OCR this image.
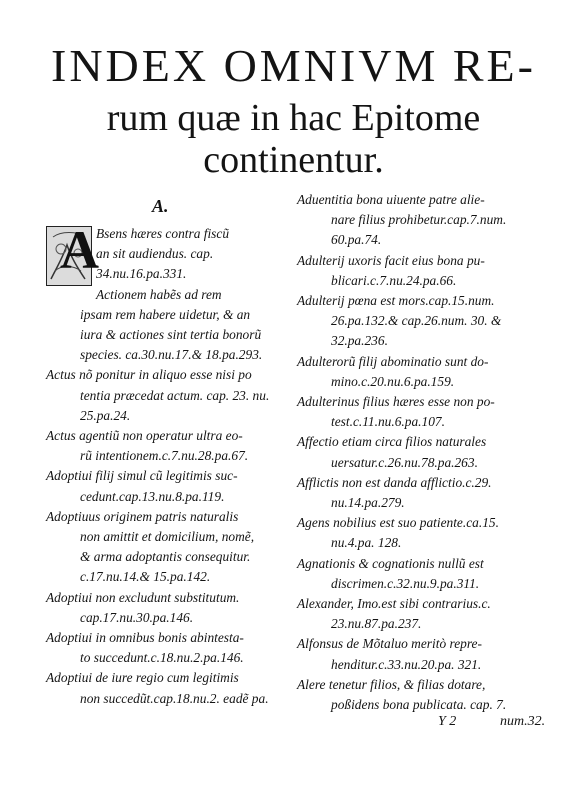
INDEX OMNIVM RE-
rum quæ in hac Epitome
continentur.
A.
A
Bsens hæres contra fiscũ
an sit audiendus. cap.
34.nu.16.pa.331.
Actionem habẽs ad rem
ipsam rem habere uidetur, & an
iura & actiones sint tertia bonorũ
species. ca.30.nu.17.& 18.pa.293.
Actus nõ ponitur in aliquo esse nisi po
tentia præcedat actum. cap. 23. nu.
25.pa.24.
Actus agentiũ non operatur ultra eo-
rũ intentionem.c.7.nu.28.pa.67.
Adoptiui filij simul cũ legitimis suc-
cedunt.cap.13.nu.8.pa.119.
Adoptiuus originem patris naturalis
non amittit et domicilium, nomẽ,
& arma adoptantis consequitur.
c.17.nu.14.& 15.pa.142.
Adoptiui non excludunt substitutum.
cap.17.nu.30.pa.146.
Adoptiui in omnibus bonis abintesta-
to succedunt.c.18.nu.2.pa.146.
Adoptiui de iure regio cum legitimis
non succedũt.cap.18.nu.2. eadẽ pa.
Aduentitia bona uiuente patre alie-
nare filius prohibetur.cap.7.num.
60.pa.74.
Adulterij uxoris facit eius bona pu-
blicari.c.7.nu.24.pa.66.
Adulterij pœna est mors.cap.15.num.
26.pa.132.& cap.26.num. 30. &
32.pa.236.
Adulterorũ filij abominatio sunt do-
mino.c.20.nu.6.pa.159.
Adulterinus filius hæres esse non po-
test.c.11.nu.6.pa.107.
Affectio etiam circa filios naturales
uersatur.c.26.nu.78.pa.263.
Afflictis non est danda afflictio.c.29.
nu.14.pa.279.
Agens nobilius est suo patiente.ca.15.
nu.4.pa. 128.
Agnationis & cognationis nullũ est
discrimen.c.32.nu.9.pa.311.
Alexander, Imo.est sibi contrarius.c.
23.nu.87.pa.237.
Alfonsus de Mõtaluo meritò repre-
henditur.c.33.nu.20.pa. 321.
Alere tenetur filios, & filias dotare,
poßidens bona publicata. cap. 7.
Y 2	num.32.
